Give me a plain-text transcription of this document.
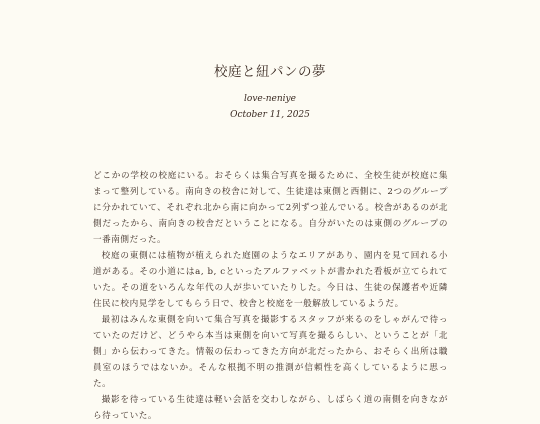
校庭と紐パンの夢
love-neniye
October 11, 2025

どこかの学校の校庭にいる。おそらくは集合写真を撮るために、全校生徒が校庭に集まって整列している。南向きの校舎に対して、生徒達は東側と西側に、2つのグループに分かれていて、それぞれ北から南に向かって2列ずつ並んでいる。校舎があるのが北側だったから、南向きの校舎だということになる。自分がいたのは東側のグループの一番南側だった。

校庭の東側には植物が植えられた庭園のようなエリアがあり、園内を見て回れる小道がある。その小道にはa, b, cといったアルファベットが書かれた看板が立てられていた。その道をいろんな年代の人が歩いていたりした。今日は、生徒の保護者や近隣住民に校内見学をしてもらう日で、校舎と校庭を一般解放しているようだ。

最初はみんな東側を向いて集合写真を撮影するスタッフが来るのをしゃがんで待っていたのだけど、どうやら本当は東側を向いて写真を撮るらしい、ということが「北側」から伝わってきた。情報の伝わってきた方向が北だったから、おそらく出所は職員室のほうではないか。そんな根拠不明の推測が信頼性を高くしているように思った。

撮影を待っている生徒達は軽い会話を交わしながら、しばらく道の南側を向きながら待っていた。
